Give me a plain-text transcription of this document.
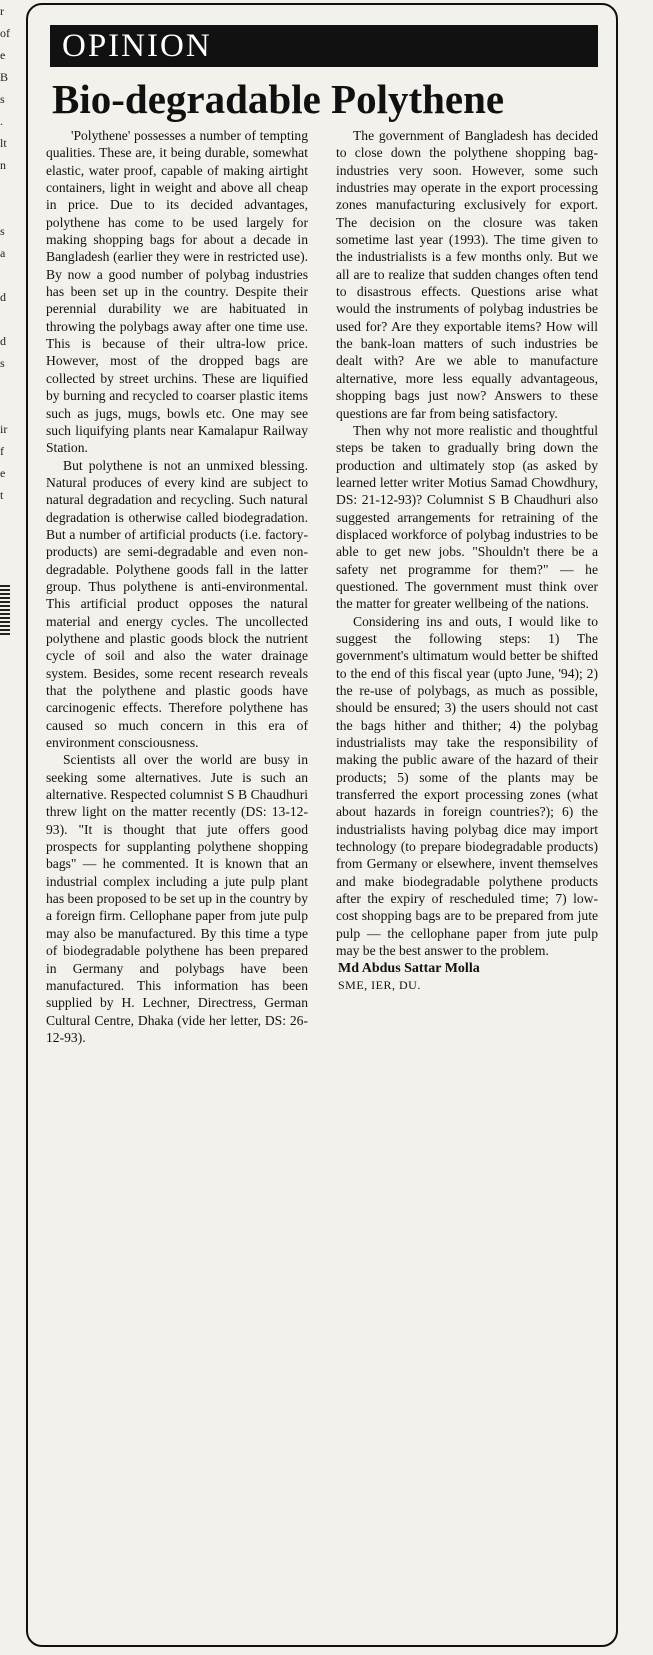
r
of
e
B
s
.
lt
n

s
a

d

d
s

ir
f
e
t
OPINION
Bio-degradable Polythene

'Polythene' possesses a number of tempting qualities. These are, it being durable, somewhat elastic, water proof, capable of making airtight containers, light in weight and above all cheap in price. Due to its decided advantages, polythene has come to be used largely for making shopping bags for about a decade in Bangladesh (earlier they were in restricted use). By now a good number of polybag industries has been set up in the country. Despite their perennial durability we are habituated in throwing the polybags away after one time use. This is because of their ultra-low price. However, most of the dropped bags are collected by street urchins. These are liquified by burning and recycled to coarser plastic items such as jugs, mugs, bowls etc. One may see such liquifying plants near Kamalapur Railway Station.

But polythene is not an unmixed blessing. Natural produces of every kind are subject to natural degradation and recycling. Such natural degradation is otherwise called biodegradation. But a number of artificial products (i.e. factory-products) are semi-degradable and even non-degradable. Polythene goods fall in the latter group. Thus polythene is anti-environmental. This artificial product opposes the natural material and energy cycles. The uncollected polythene and plastic goods block the nutrient cycle of soil and also the water drainage system. Besides, some recent research reveals that the polythene and plastic goods have carcinogenic effects. Therefore polythene has caused so much concern in this era of environment consciousness.

Scientists all over the world are busy in seeking some alternatives. Jute is such an alternative. Respected columnist S B Chaudhuri threw light on the matter recently (DS: 13-12-93). "It is thought that jute offers good prospects for supplanting polythene shopping bags" — he commented. It is known that an industrial complex including a jute pulp plant has been proposed to be set up in the country by a foreign firm. Cellophane paper from jute pulp may also be manufactured. By this time a type of biodegradable polythene has been prepared in Germany and polybags have been manufactured. This information has been supplied by H. Lechner, Directress, German Cultural Centre, Dhaka (vide her letter, DS: 26-12-93).

The government of Bangladesh has decided to close down the polythene shopping bag-industries very soon. However, some such industries may operate in the export processing zones manufacturing exclusively for export. The decision on the closure was taken sometime last year (1993). The time given to the industrialists is a few months only. But we all are to realize that sudden changes often tend to disastrous effects. Questions arise what would the instruments of polybag industries be used for? Are they exportable items? How will the bank-loan matters of such industries be dealt with? Are we able to manufacture alternative, more less equally advantageous, shopping bags just now? Answers to these questions are far from being satisfactory.

Then why not more realistic and thoughtful steps be taken to gradually bring down the production and ultimately stop (as asked by learned letter writer Motius Samad Chowdhury, DS: 21-12-93)? Columnist S B Chaudhuri also suggested arrangements for retraining of the displaced workforce of polybag industries to be able to get new jobs. "Shouldn't there be a safety net programme for them?" — he questioned. The government must think over the matter for greater wellbeing of the nations.

Considering ins and outs, I would like to suggest the following steps: 1) The government's ultimatum would better be shifted to the end of this fiscal year (upto June, '94); 2) the re-use of polybags, as much as possible, should be ensured; 3) the users should not cast the bags hither and thither; 4) the polybag industrialists may take the responsibility of making the public aware of the hazard of their products; 5) some of the plants may be transferred the export processing zones (what about hazards in foreign countries?); 6) the industrialists having polybag dice may import technology (to prepare biodegradable products) from Germany or elsewhere, invent themselves and make biodegradable polythene products after the expiry of rescheduled time; 7) low-cost shopping bags are to be prepared from jute pulp — the cellophane paper from jute pulp may be the best answer to the problem.

Md Abdus Sattar Molla
SME, IER, DU.
